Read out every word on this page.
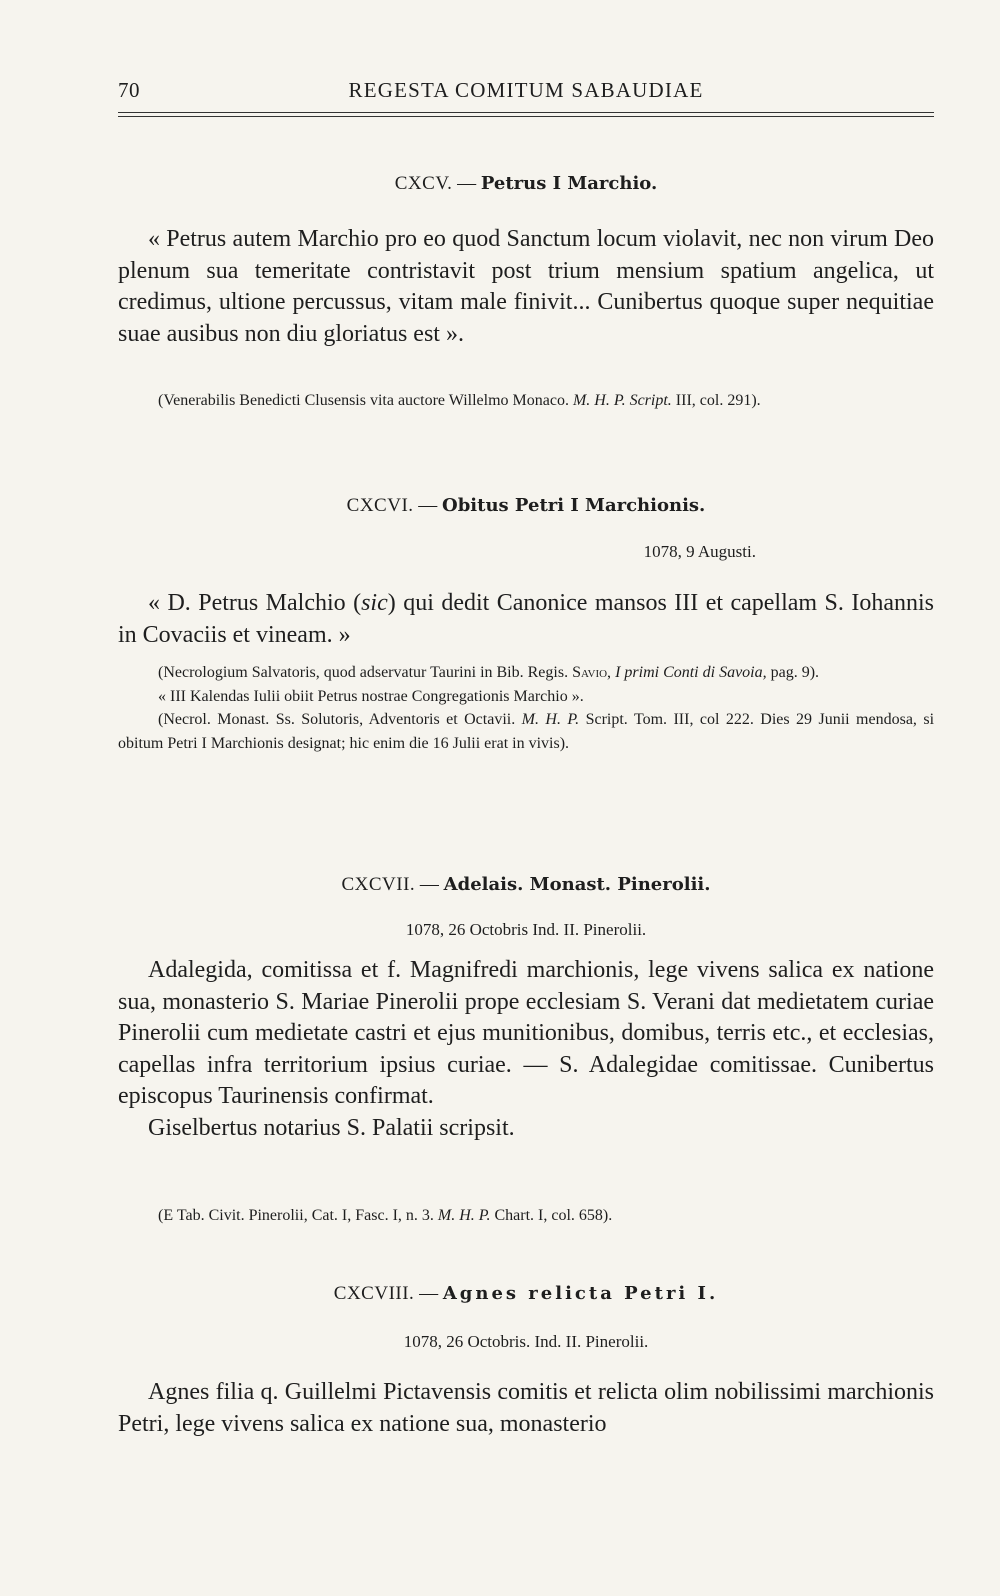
70	REGESTA COMITUM SABAUDIAE
CXCV. — Petrus I Marchio.

« Petrus autem Marchio pro eo quod Sanctum locum violavit, nec non virum Deo plenum sua temeritate contristavit post trium mensium spatium angelica, ut credimus, ultione percussus, vitam male finivit... Cunibertus quoque super nequitiae suae ausibus non diu gloriatus est ».

(Venerabilis Benedicti Clusensis vita auctore Willelmo Monaco. M. H. P. Script. III, col. 291).

CXCVI. — Obitus Petri I Marchionis.
1078, 9 Augusti.

« D. Petrus Malchio (sic) qui dedit Canonice mansos III et capellam S. Iohannis in Covaciis et vineam. »

(Necrologium Salvatoris, quod adservatur Taurini in Bib. Regis. Savio, I primi Conti di Savoia, pag. 9).

« III Kalendas Iulii obiit Petrus nostrae Congregationis Marchio ».

(Necrol. Monast. Ss. Solutoris, Adventoris et Octavii. M. H. P. Script. Tom. III, col 222. Dies 29 Junii mendosa, si obitum Petri I Marchionis designat; hic enim die 16 Julii erat in vivis).

CXCVII. — Adelais. Monast. Pinerolii.
1078, 26 Octobris Ind. II. Pinerolii.

Adalegida, comitissa et f. Magnifredi marchionis, lege vivens salica ex natione sua, monasterio S. Mariae Pinerolii prope ecclesiam S. Verani dat medietatem curiae Pinerolii cum medietate castri et ejus munitionibus, domibus, terris etc., et ecclesias, capellas infra territorium ipsius curiae. — S. Adalegidae comitissae. Cunibertus episcopus Taurinensis confirmat.

Giselbertus notarius S. Palatii scripsit.

(E Tab. Civit. Pinerolii, Cat. I, Fasc. I, n. 3. M. H. P. Chart. I, col. 658).

CXCVIII. — Agnes relicta Petri I.
1078, 26 Octobris. Ind. II. Pinerolii.

Agnes filia q. Guillelmi Pictavensis comitis et relicta olim nobilissimi marchionis Petri, lege vivens salica ex natione sua, monasterio
